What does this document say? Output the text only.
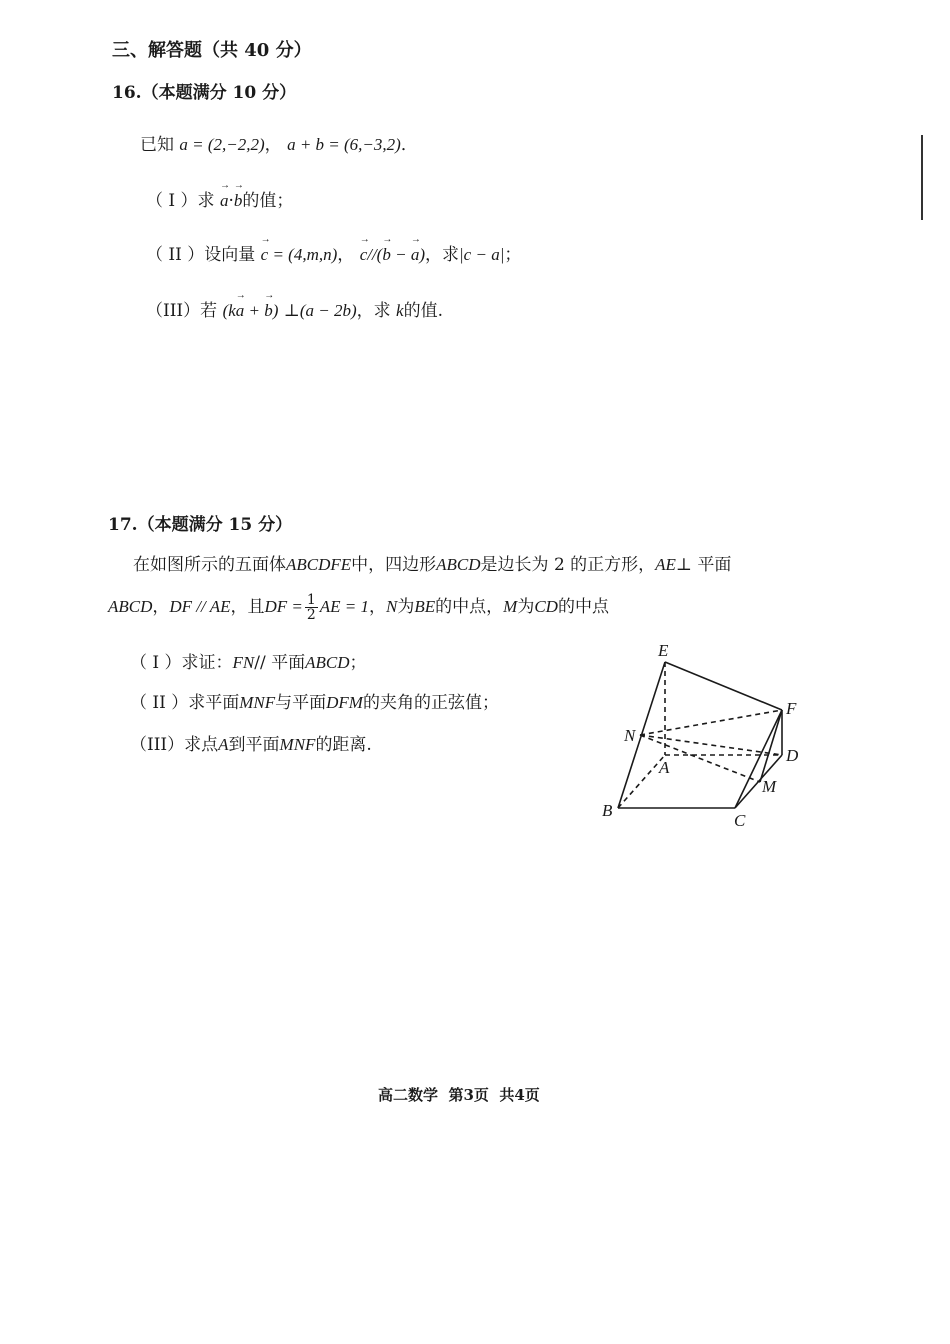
三、解答题（共 40 分）
16.（本题满分 10 分）
已知 a = (2,−2,2)， a + b = (6,−3,2)．
（ I ）求 → a·→ b的值；
（ II ）设向量 → c = (4,m,n)， → c//(→ b − → a)，求|c − a|；
（III）若 (k→ a + → b) ⊥(a − 2b)，求 k的值.
17.（本题满分 15 分）
在如图所示的五面体ABCDFE中，四边形ABCD是边长为 2 的正方形，AE⊥ 平面
ABCD，DF // AE，且DF = $\frac{1}{2}$ AE = 1，N为BE的中点，M为CD的中点
（ I ）求证：FN// 平面ABCD；
（ II ）求平面MNF与平面DFM的夹角的正弦值；
（III）求点A到平面MNF的距离.
E
F
N
A
D
M
B
C
高二数学  第3页  共4页
